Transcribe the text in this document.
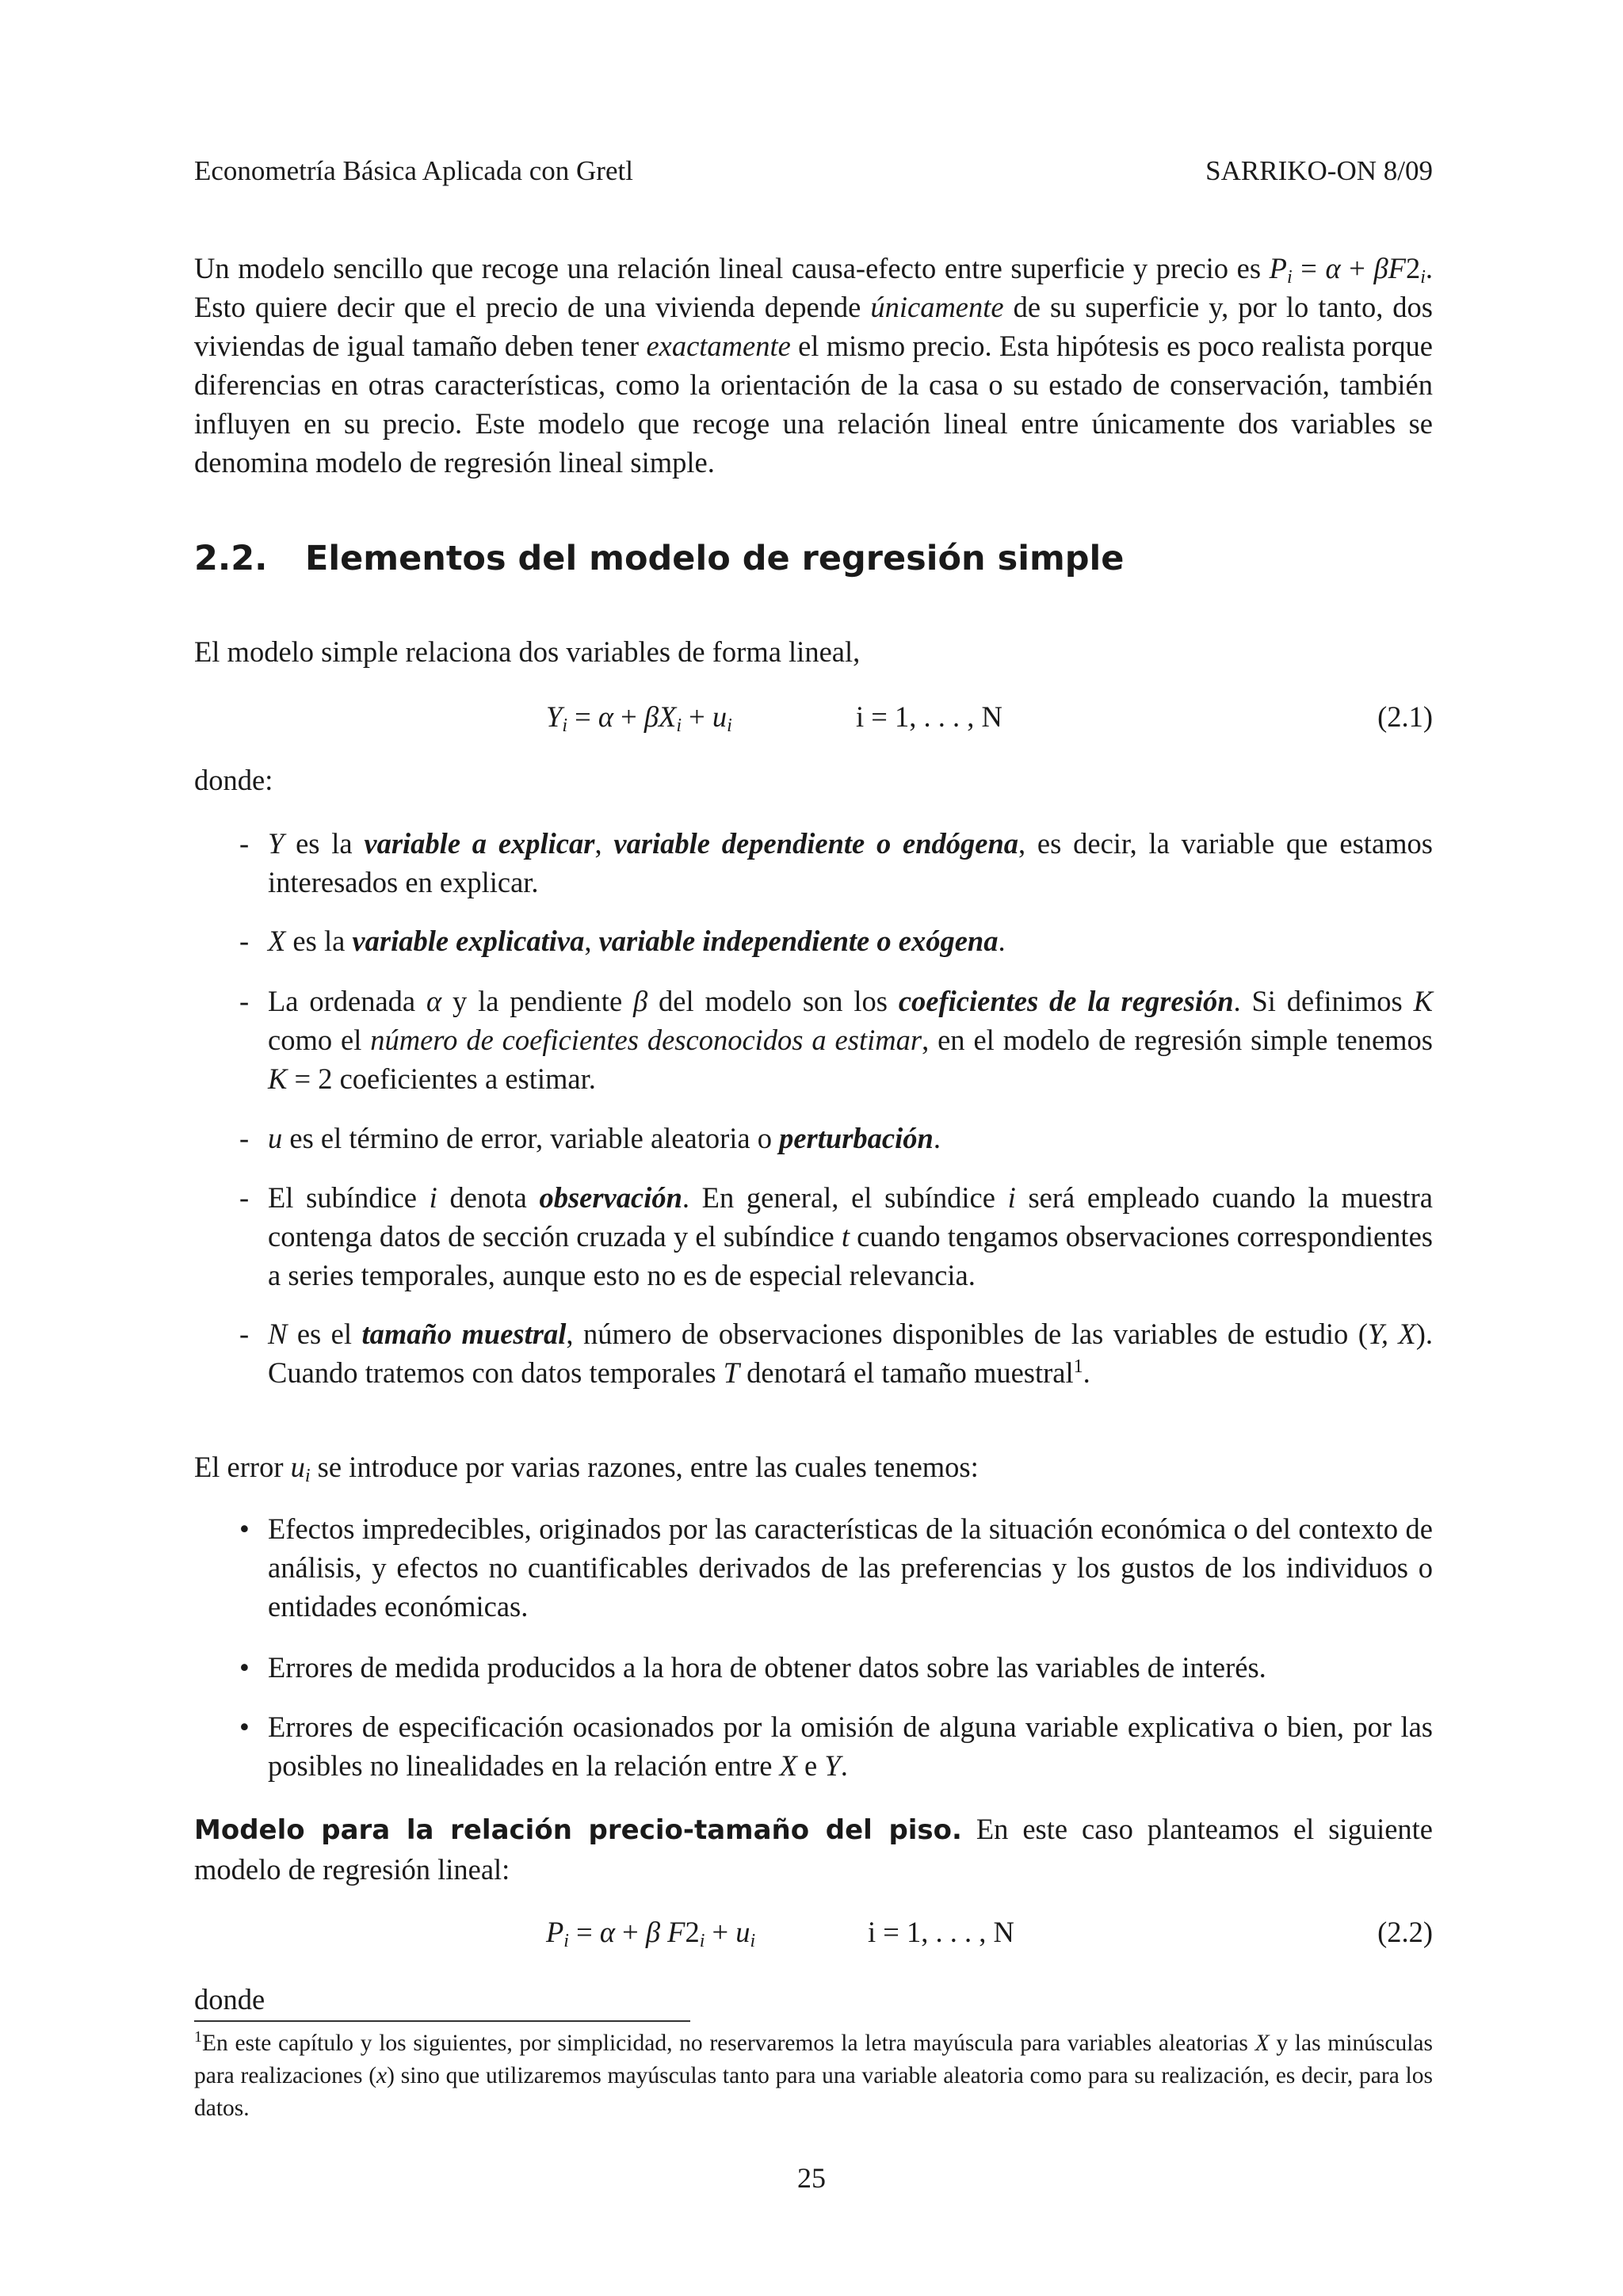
Econometría Básica Aplicada con Gretl	SARRIKO-ON 8/09
Un modelo sencillo que recoge una relación lineal causa-efecto entre superficie y precio es $P_i = \alpha + \beta F2_i$. Esto quiere decir que el precio de una vivienda depende únicamente de su superficie y, por lo tanto, dos viviendas de igual tamaño deben tener exactamente el mismo precio. Esta hipótesis es poco realista porque diferencias en otras características, como la orientación de la casa o su estado de conservación, también influyen en su precio. Este modelo que recoge una relación lineal entre únicamente dos variables se denomina modelo de regresión lineal simple.
2.2.	Elementos del modelo de regresión simple
El modelo simple relaciona dos variables de forma lineal,
$Y_i = \alpha + \beta X_i + u_i$	i = 1, . . . , N	(2.1)
donde:
- Y es la variable a explicar, variable dependiente o endógena, es decir, la variable que estamos interesados en explicar.
- X es la variable explicativa, variable independiente o exógena.
- La ordenada α y la pendiente β del modelo son los coeficientes de la regresión. Si definimos K como el número de coeficientes desconocidos a estimar, en el modelo de regresión simple tenemos K = 2 coeficientes a estimar.
- u es el término de error, variable aleatoria o perturbación.
- El subíndice i denota observación. En general, el subíndice i será empleado cuando la muestra contenga datos de sección cruzada y el subíndice t cuando tengamos observaciones correspondientes a series temporales, aunque esto no es de especial relevancia.
- N es el tamaño muestral, número de observaciones disponibles de las variables de estudio (Y, X). Cuando tratemos con datos temporales T denotará el tamaño muestral$^1$.
El error $u_i$ se introduce por varias razones, entre las cuales tenemos:
• Efectos impredecibles, originados por las características de la situación económica o del contexto de análisis, y efectos no cuantificables derivados de las preferencias y los gustos de los individuos o entidades económicas.
• Errores de medida producidos a la hora de obtener datos sobre las variables de interés.
• Errores de especificación ocasionados por la omisión de alguna variable explicativa o bien, por las posibles no linealidades en la relación entre X e Y.
Modelo para la relación precio-tamaño del piso. En este caso planteamos el siguiente modelo de regresión lineal:
$P_i = \alpha + \beta$ $F2_i + u_i$	i = 1, . . . , N	(2.2)
donde
$^1$En este capítulo y los siguientes, por simplicidad, no reservaremos la letra mayúscula para variables aleatorias X y las minúsculas para realizaciones (x) sino que utilizaremos mayúsculas tanto para una variable aleatoria como para su realización, es decir, para los datos.
25
